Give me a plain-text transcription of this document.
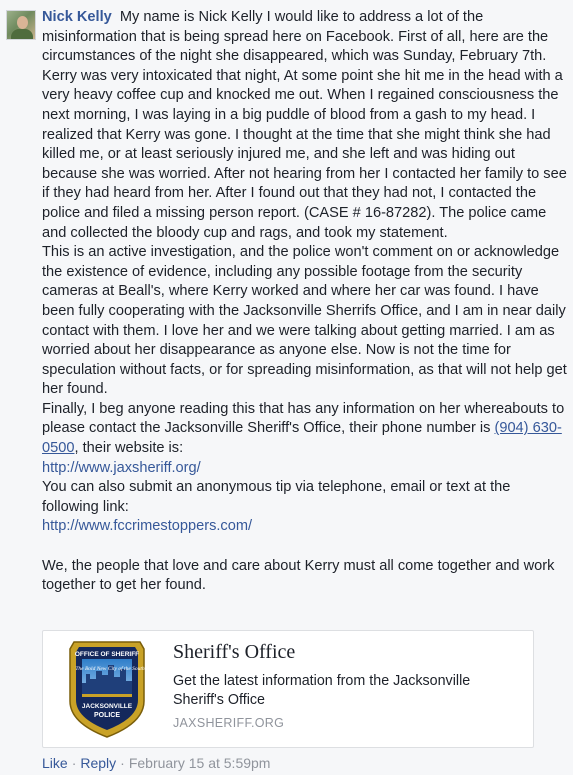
Nick Kelly My name is Nick Kelly I would like to address a lot of the misinformation that is being spread here on Facebook. First of all, here are the circumstances of the night she disappeared, which was Sunday, February 7th. Kerry was very intoxicated that night, At some point she hit me in the head with a very heavy coffee cup and knocked me out. When I regained consciousness the next morning, I was laying in a big puddle of blood from a gash to my head. I realized that Kerry was gone. I thought at the time that she might think she had killed me, or at least seriously injured me, and she left and was hiding out because she was worried. After not hearing from her I contacted her family to see if they had heard from her. After I found out that they had not, I contacted the police and filed a missing person report. (CASE # 16-87282). The police came and collected the bloody cup and rags, and took my statement.

This is an active investigation, and the police won't comment on or acknowledge the existence of evidence, including any possible footage from the security cameras at Beall's, where Kerry worked and where her car was found. I have been fully cooperating with the Jacksonville Sherrifs Office, and I am in near daily contact with them. I love her and we were talking about getting married. I am as worried about her disappearance as anyone else. Now is not the time for speculation without facts, or for spreading misinformation, as that will not help get her found.

Finally, I beg anyone reading this that has any information on her whereabouts to please contact the Jacksonville Sheriff's Office, their phone number is (904) 630-0500, their website is:

http://www.jaxsheriff.org/

You can also submit an anonymous tip via telephone, email or text at the following link:

http://www.fccrimestoppers.com/

We, the people that love and care about Kerry must all come together and work together to get her found.

OFFICE OF SHERIFF
The Bold New City of the South
JACKSONVILLE
POLICE
Sheriff's Office
Get the latest information from the Jacksonville Sheriff's Office
JAXSHERIFF.ORG
Like · Reply · February 15 at 5:59pm
